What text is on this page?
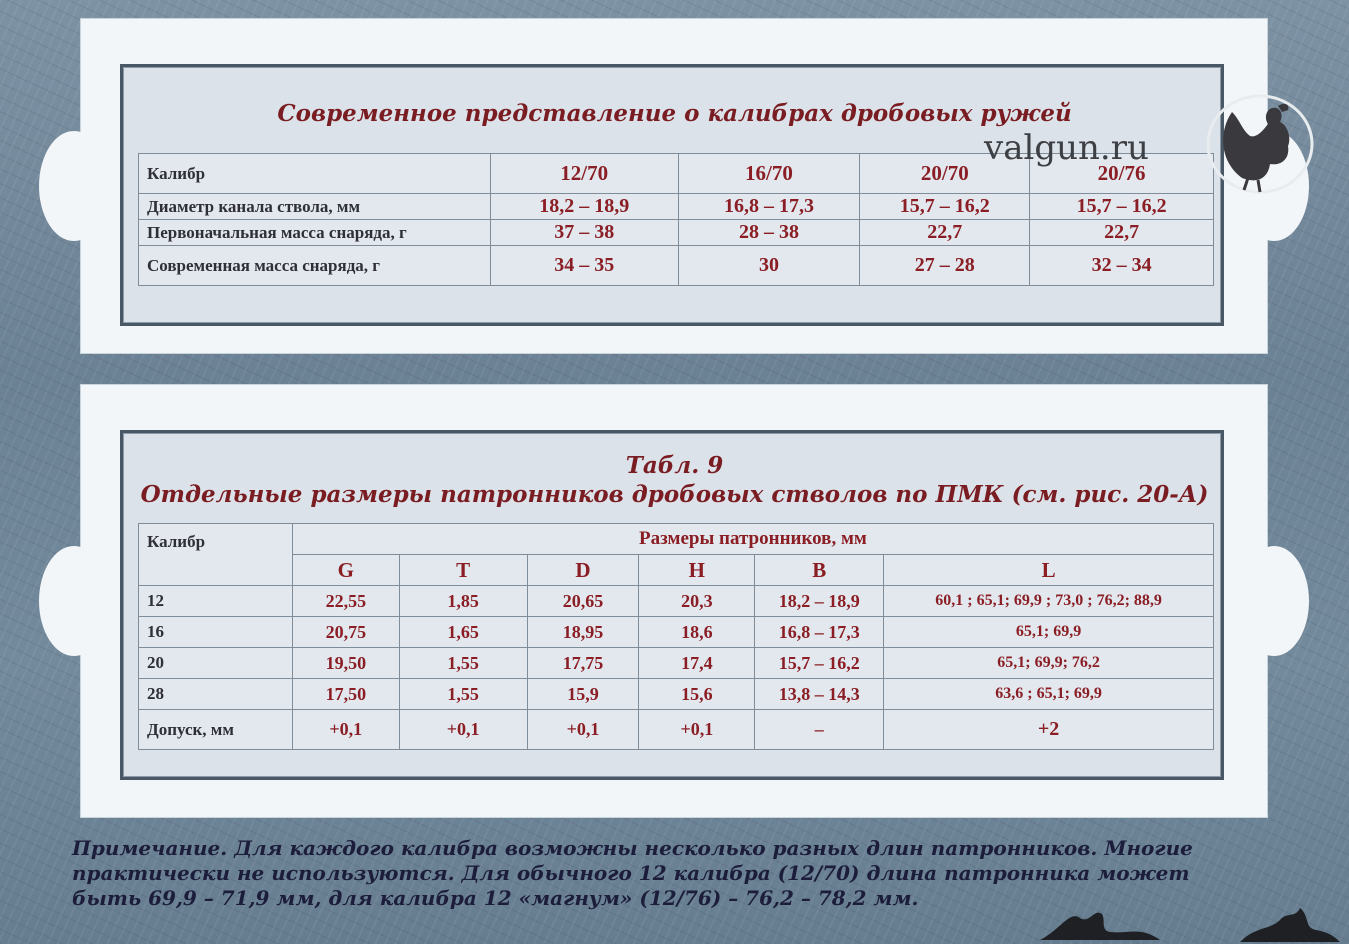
Современное представление о калибрах дробовых ружей
Калибр	12/70	16/70	20/70	20/76
Диаметр канала ствола, мм	18,2 – 18,9	16,8 – 17,3	15,7 – 16,2	15,7 – 16,2
Первоначальная масса снаряда, г	37 – 38	28 – 38	22,7	22,7
Современная масса снаряда, г	34 – 35	30	27 – 28	32 – 34
Табл. 9
Отдельные размеры патронников дробовых стволов по ПМК (см. рис. 20-А)
Калибр	Размеры патронников, мм					
	G	T	D	H	B	L
12	22,55	1,85	20,65	20,3	18,2 – 18,9	60,1 ; 65,1; 69,9 ; 73,0 ; 76,2; 88,9
16	20,75	1,65	18,95	18,6	16,8 – 17,3	65,1; 69,9
20	19,50	1,55	17,75	17,4	15,7 – 16,2	65,1; 69,9; 76,2
28	17,50	1,55	15,9	15,6	13,8 – 14,3	63,6 ; 65,1; 69,9
Допуск, мм	+0,1	+0,1	+0,1	+0,1	–	+2
Примечание. Для каждого калибра возможны несколько разных длин патронников. Многие
практически не используются. Для обычного 12 калибра (12/70) длина патронника может
быть 69,9 – 71,9 мм, для калибра 12 «магнум» (12/76) – 76,2 – 78,2 мм.
valgun.ru
